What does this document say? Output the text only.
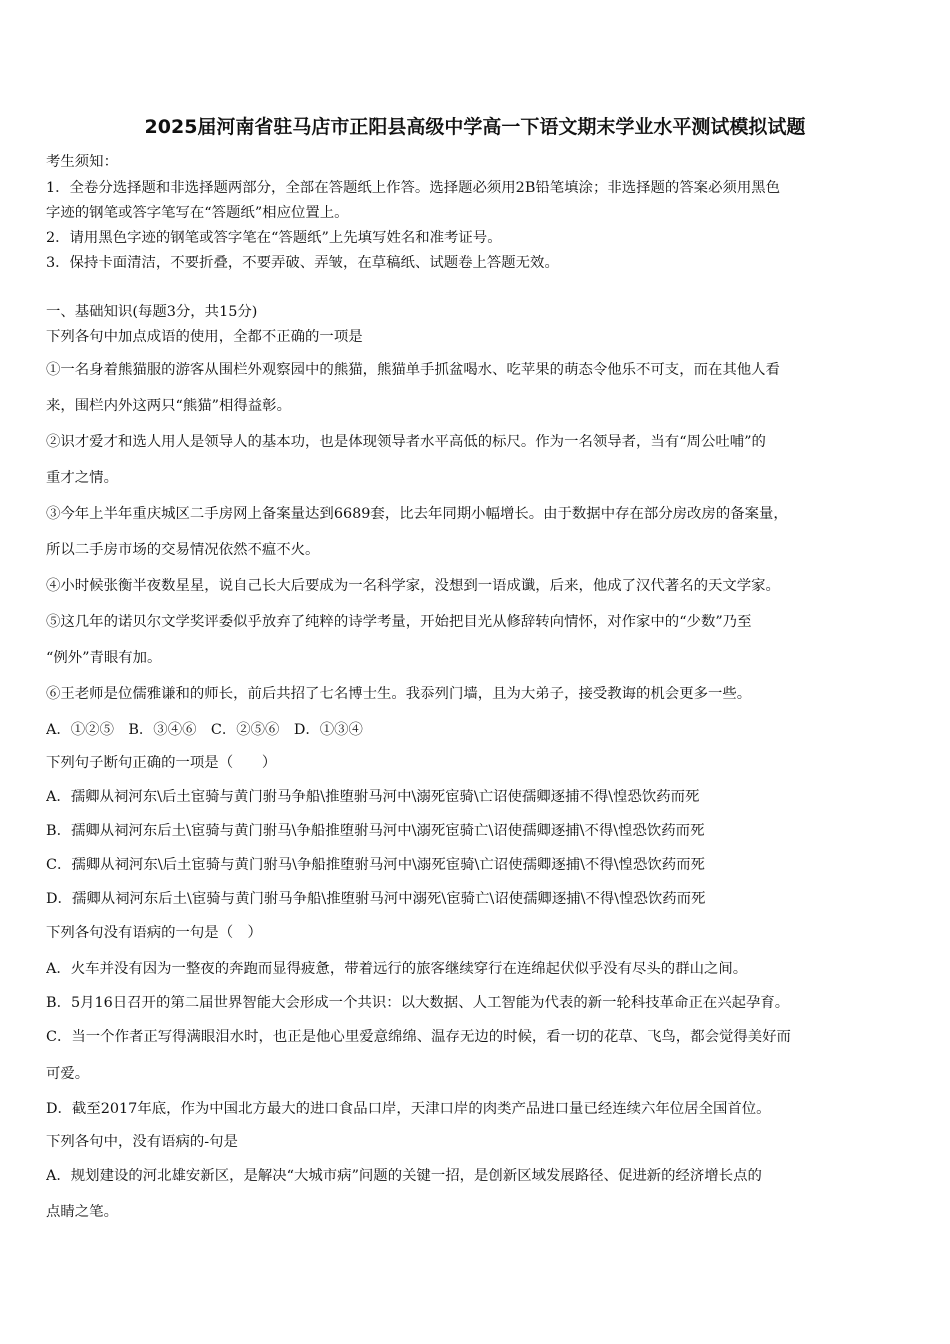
2025届河南省驻马店市正阳县高级中学高一下语文期末学业水平测试模拟试题
考生须知：
1．全卷分选择题和非选择题两部分，全部在答题纸上作答。选择题必须用2B铅笔填涂；非选择题的答案必须用黑色
字迹的钢笔或答字笔写在“答题纸”相应位置上。
2．请用黑色字迹的钢笔或答字笔在“答题纸”上先填写姓名和准考证号。
3．保持卡面清洁，不要折叠，不要弄破、弄皱，在草稿纸、试题卷上答题无效。
一、基础知识(每题3分，共15分)
下列各句中加点成语的使用，全都不正确的一项是
①一名身着熊猫服的游客从围栏外观察园中的熊猫，熊猫单手抓盆喝水、吃苹果的萌态令他乐不可支，而在其他人看
来，围栏内外这两只“熊猫”相得益彰。
②识才爱才和选人用人是领导人的基本功，也是体现领导者水平高低的标尺。作为一名领导者，当有“周公吐哺”的
重才之情。
③今年上半年重庆城区二手房网上备案量达到6689套，比去年同期小幅增长。由于数据中存在部分房改房的备案量，
所以二手房市场的交易情况依然不瘟不火。
④小时候张衡半夜数星星，说自己长大后要成为一名科学家，没想到一语成谶，后来，他成了汉代著名的天文学家。
⑤这几年的诺贝尔文学奖评委似乎放弃了纯粹的诗学考量，开始把目光从修辞转向情怀，对作家中的“少数”乃至
“例外”青眼有加。
⑥王老师是位儒雅谦和的师长，前后共招了七名博士生。我忝列门墙，且为大弟子，接受教诲的机会更多一些。
A．①②⑤　B．③④⑥　C．②⑤⑥　D．①③④
下列句子断句正确的一项是（　　）
A．孺卿从祠河东\后土宦骑与黄门驸马争船\推堕驸马河中\溺死宦骑\亡诏使孺卿逐捕不得\惶恐饮药而死
B．孺卿从祠河东后土\宦骑与黄门驸马\争船推堕驸马河中\溺死宦骑亡\诏使孺卿逐捕\不得\惶恐饮药而死
C．孺卿从祠河东\后土宦骑与黄门驸马\争船推堕驸马河中\溺死宦骑\亡诏使孺卿逐捕\不得\惶恐饮药而死
D．孺卿从祠河东后土\宦骑与黄门驸马争船\推堕驸马河中溺死\宦骑亡\诏使孺卿逐捕\不得\惶恐饮药而死
下列各句没有语病的一句是（　）
A．火车并没有因为一整夜的奔跑而显得疲惫，带着远行的旅客继续穿行在连绵起伏似乎没有尽头的群山之间。
B．5月16日召开的第二届世界智能大会形成一个共识：以大数据、人工智能为代表的新一轮科技革命正在兴起孕育。
C．当一个作者正写得满眼泪水时，也正是他心里爱意绵绵、温存无边的时候，看一切的花草、飞鸟，都会觉得美好而
可爱。
D．截至2017年底，作为中国北方最大的进口食品口岸，天津口岸的肉类产品进口量已经连续六年位居全国首位。
下列各句中，没有语病的-句是
A．规划建设的河北雄安新区，是解决“大城市病”问题的关键一招，是创新区域发展路径、促进新的经济增长点的
点睛之笔。
